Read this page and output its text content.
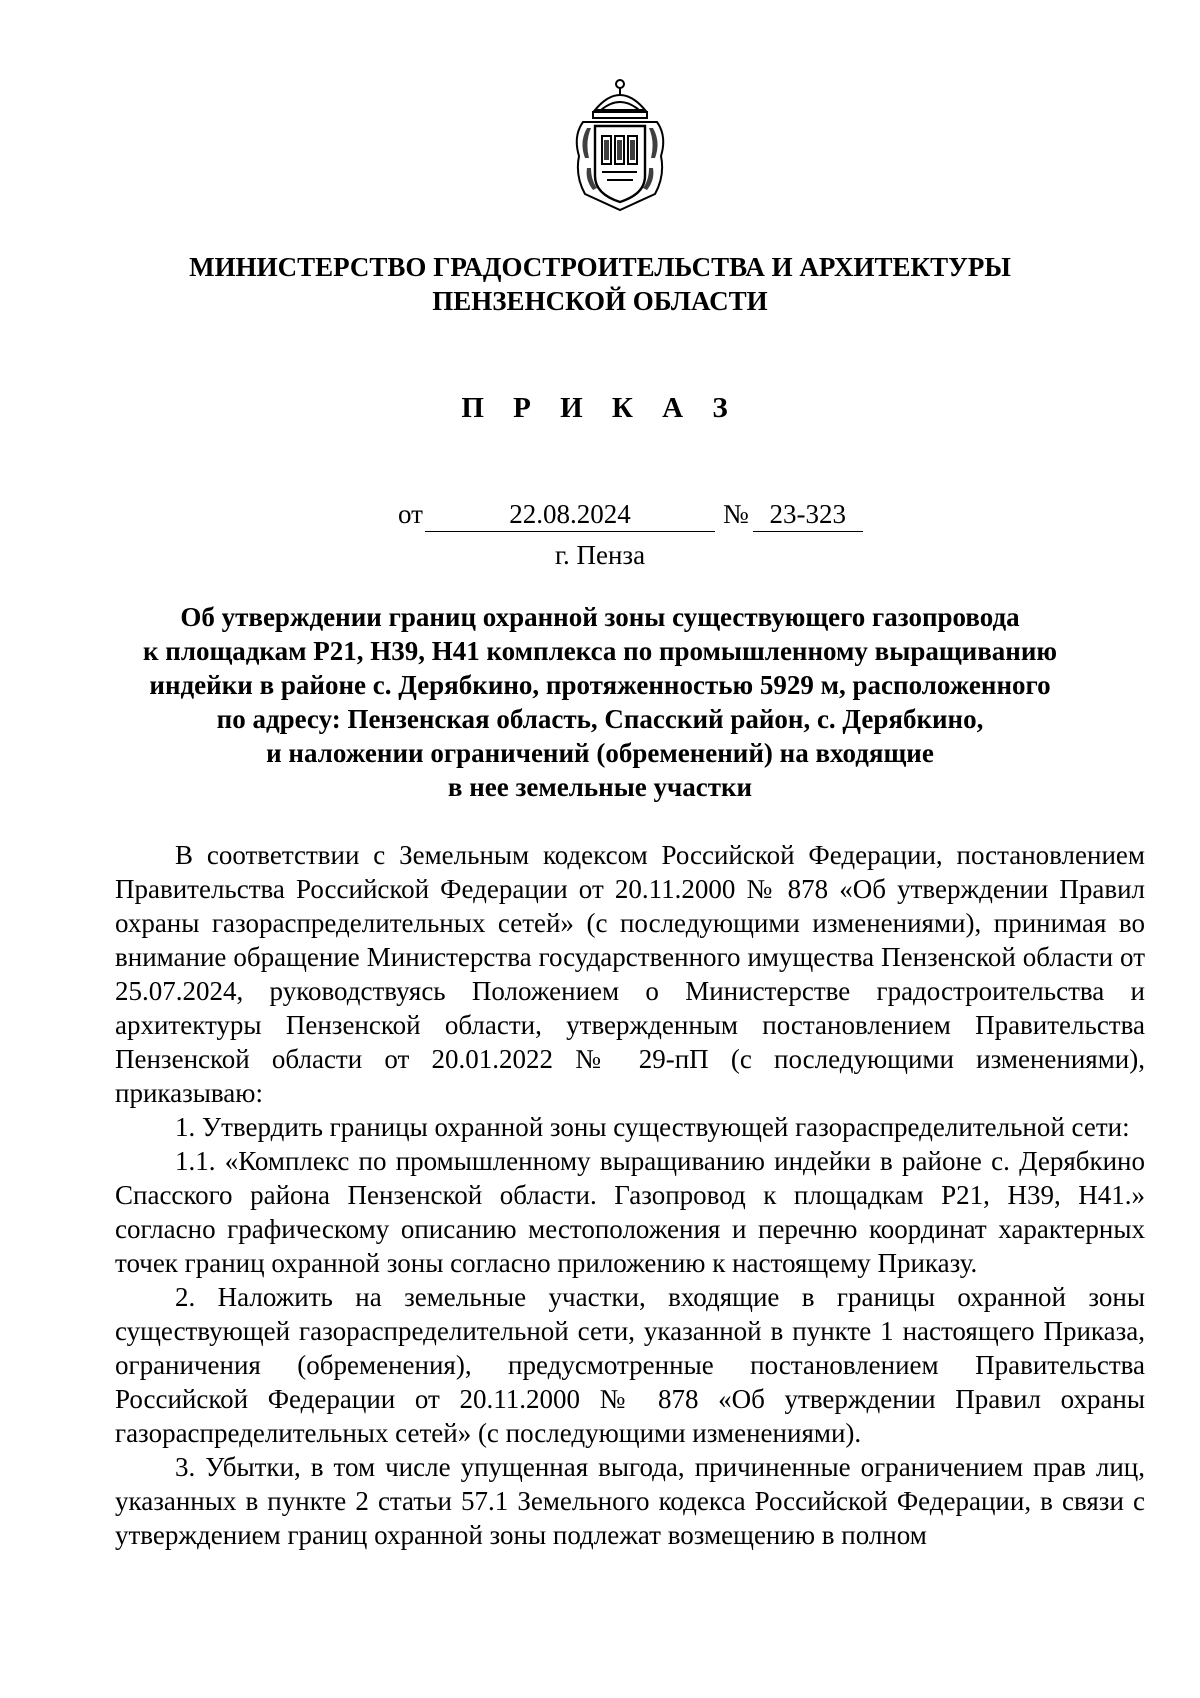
МИНИСТЕРСТВО ГРАДОСТРОИТЕЛЬСТВА И АРХИТЕКТУРЫ
ПЕНЗЕНСКОЙ ОБЛАСТИ
П Р И К А З
от	22.08.2024	№ 23-323
г. Пенза
Об утверждении границ охранной зоны существующего газопровода
к площадкам Р21, Н39, Н41 комплекса по промышленному выращиванию
индейки в районе с. Дерябкино, протяженностью 5929 м, расположенного
по адресу: Пензенская область, Спасский район, с. Дерябкино,
и наложении ограничений (обременений) на входящие
в нее земельные участки

В соответствии с Земельным кодексом Российской Федерации, постановлением Правительства Российской Федерации от 20.11.2000 № 878 «Об утверждении Правил охраны газораспределительных сетей» (с последующими изменениями), принимая во внимание обращение Министерства государственного имущества Пензенской области от 25.07.2024, руководствуясь Положением о Министерстве градостроительства и архитектуры Пензенской области, утвержденным постановлением Правительства Пензенской области от 20.01.2022 № 29-пП (с последующими изменениями), приказываю:

1. Утвердить границы охранной зоны существующей газораспределительной сети:

1.1. «Комплекс по промышленному выращиванию индейки в районе с. Дерябкино Спасского района Пензенской области. Газопровод к площадкам Р21, Н39, Н41.» согласно графическому описанию местоположения и перечню координат характерных точек границ охранной зоны согласно приложению к настоящему Приказу.

2. Наложить на земельные участки, входящие в границы охранной зоны существующей газораспределительной сети, указанной в пункте 1 настоящего Приказа, ограничения (обременения), предусмотренные постановлением Правительства Российской Федерации от 20.11.2000 № 878 «Об утверждении Правил охраны газораспределительных сетей» (с последующими изменениями).

3. Убытки, в том числе упущенная выгода, причиненные ограничением прав лиц, указанных в пункте 2 статьи 57.1 Земельного кодекса Российской Федерации, в связи с утверждением границ охранной зоны подлежат возмещению в полном
